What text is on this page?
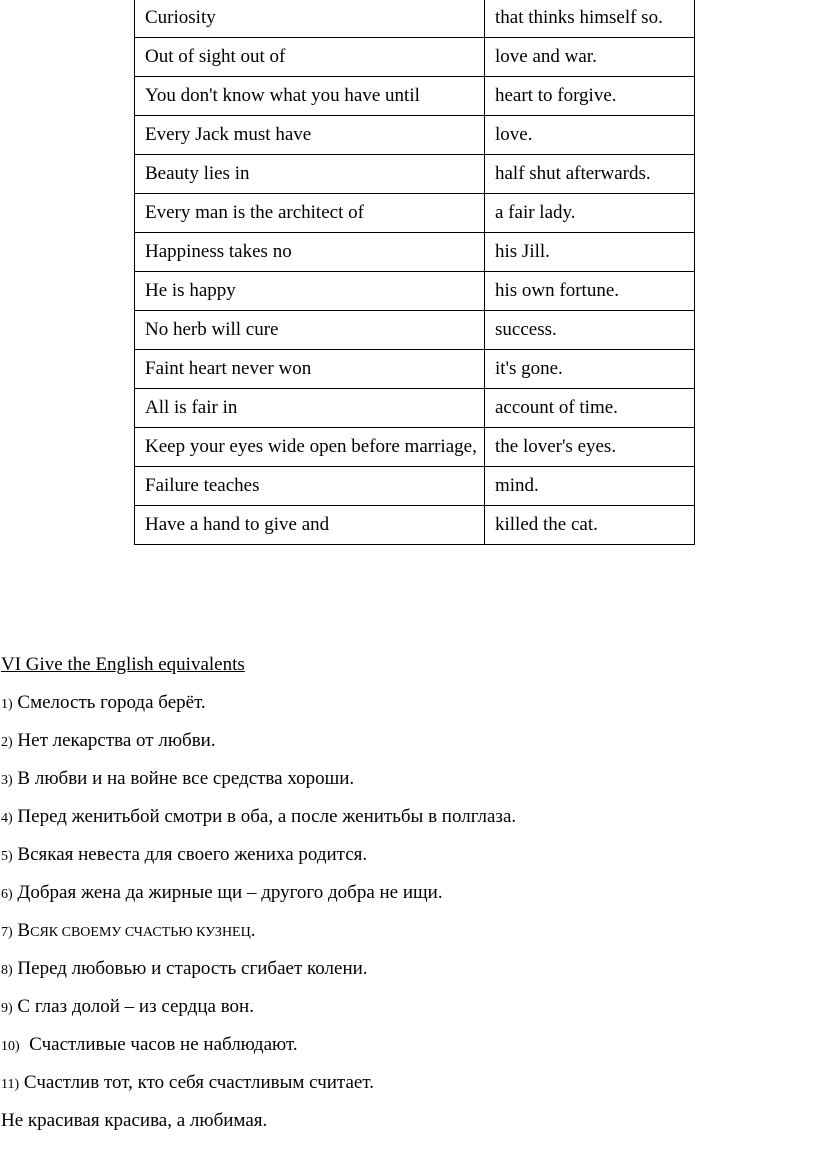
Curiosity	that thinks himself so.

Out of sight out of	love and war.
You don't know what you have until	heart to forgive.
Every Jack must have	love.
Beauty lies in	half shut afterwards.
Every man is the architect of	a fair lady.
Happiness takes no	his Jill.
He is happy	his own fortune.
No herb will cure	success.
Faint heart never won	it's gone.
All is fair in	account of time.
Keep your eyes wide open before marriage,	the lover's eyes.
Failure teaches	mind.
Have a hand to give and	killed the cat.

VI Give the English equivalents

1) Смелость города берёт.

2) Нет лекарства от любви.

3) В любви и на войне все средства хороши.

4) Перед женитьбой смотри в оба, а после женитьбы в полглаза.

5) Всякая невеста для своего жениха родится.

6) Добрая жена да жирные щи – другого добра не ищи.

7) ВСЯК СВОЕМУ СЧАСТЬЮ КУЗНЕЦ.

8) Перед любовью и старость сгибает колени.

9) С глаз долой – из сердца вон.

10) Счастливые часов не наблюдают.

11) Счастлив тот, кто себя счастливым считает.

Не красивая красива, а любимая.
